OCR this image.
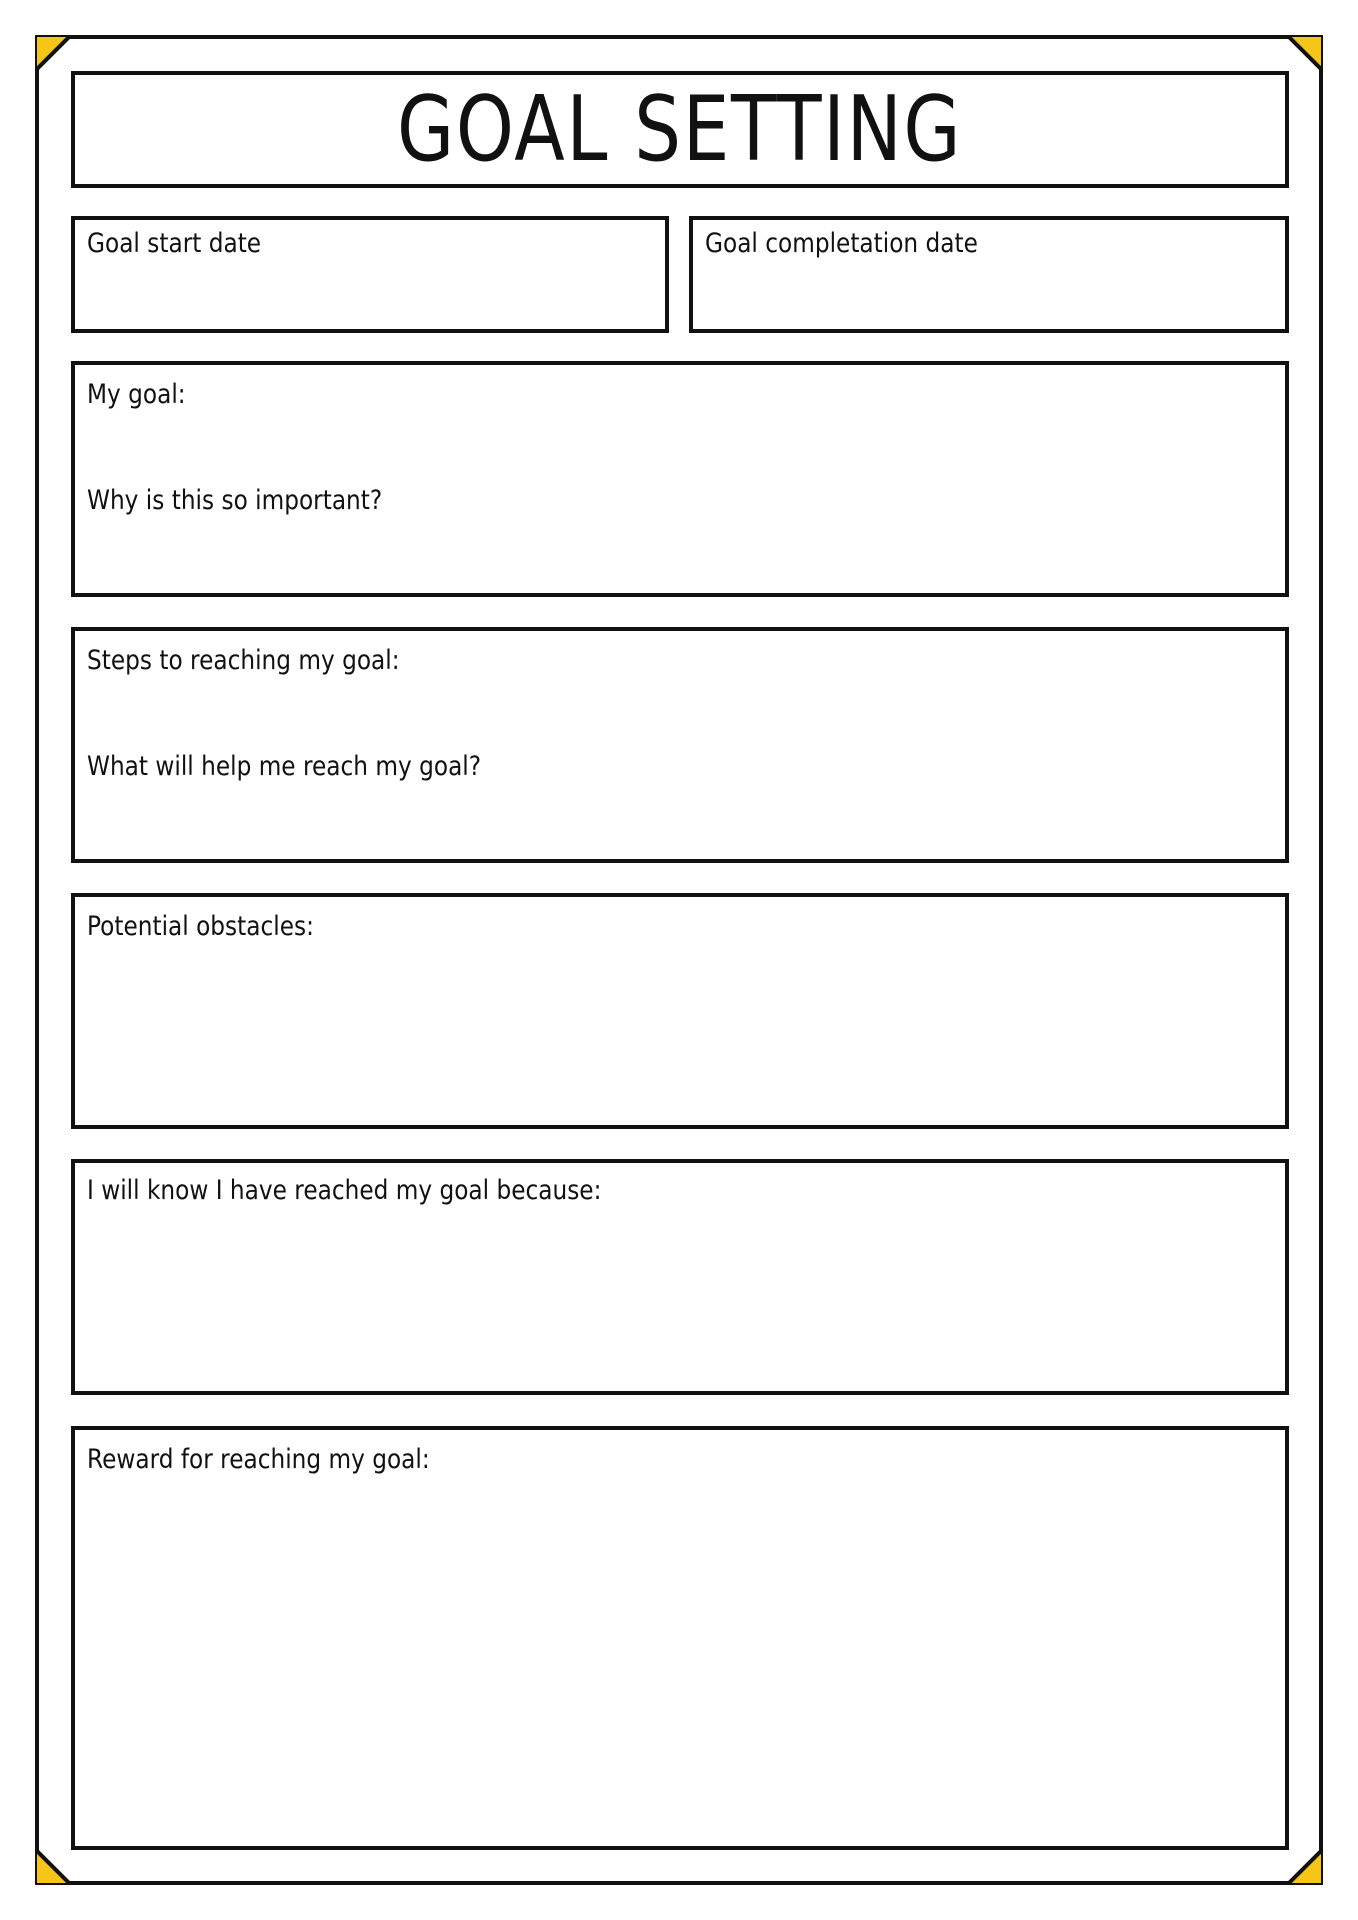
GOAL SETTING
Goal start date	Goal completation date
My goal:
Why is this so important?
Steps to reaching my goal:
What will help me reach my goal?
Potential obstacles:
I will know I have reached my goal because:
Reward for reaching my goal:
